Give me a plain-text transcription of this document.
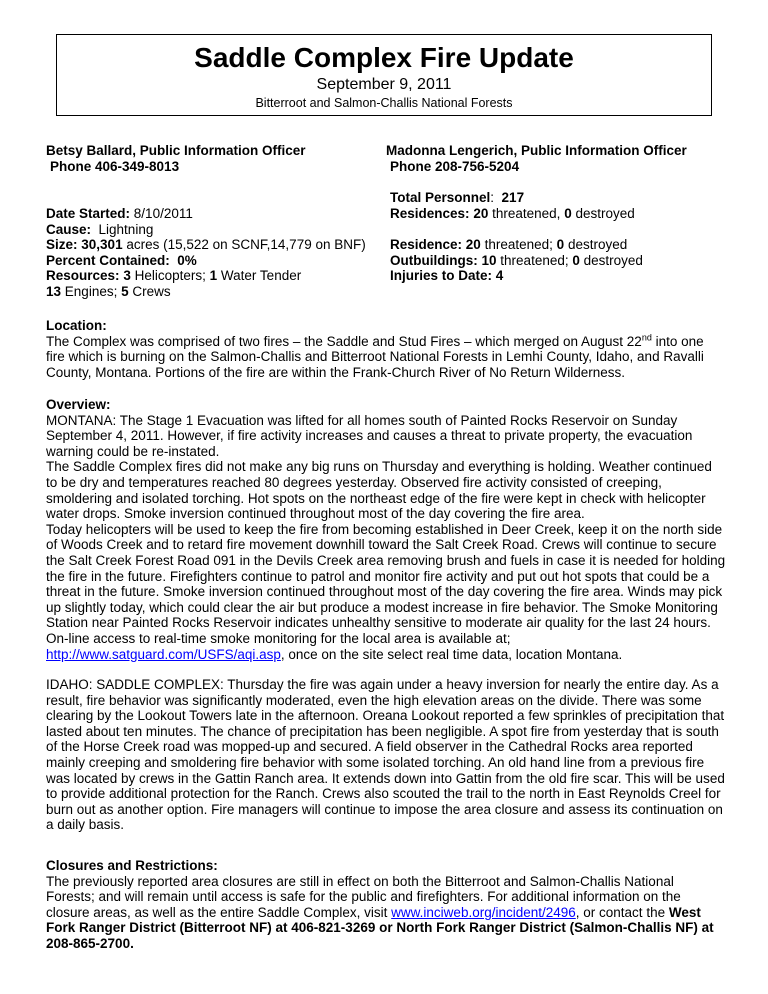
Saddle Complex Fire Update
September 9, 2011
Bitterroot and Salmon-Challis National Forests
Betsy Ballard, Public Information Officer
Phone 406-349-8013
Madonna Lengerich, Public Information Officer
Phone 208-756-5204
Date Started: 8/10/2011
Cause: Lightning
Size: 30,301 acres (15,522 on SCNF,14,779 on BNF)
Percent Contained: 0%
Resources: 3 Helicopters; 1 Water Tender
13 Engines; 5 Crews
Total Personnel:  217
Residences: 20 threatened, 0 destroyed
Residence: 20 threatened; 0 destroyed
Outbuildings: 10 threatened; 0 destroyed
Injuries to Date: 4

Location:

The Complex was comprised of two fires – the Saddle and Stud Fires – which merged on August 22nd into one fire which is burning on the Salmon-Challis and Bitterroot National Forests in Lemhi County, Idaho, and Ravalli County, Montana. Portions of the fire are within the Frank-Church River of No Return Wilderness.

Overview:

MONTANA: The Stage 1 Evacuation was lifted for all homes south of Painted Rocks Reservoir on Sunday September 4, 2011. However, if fire activity increases and causes a threat to private property, the evacuation warning could be re-instated.

The Saddle Complex fires did not make any big runs on Thursday and everything is holding. Weather continued to be dry and temperatures reached 80 degrees yesterday. Observed fire activity consisted of creeping, smoldering and isolated torching. Hot spots on the northeast edge of the fire were kept in check with helicopter water drops. Smoke inversion continued throughout most of the day covering the fire area.

Today helicopters will be used to keep the fire from becoming established in Deer Creek, keep it on the north side of Woods Creek and to retard fire movement downhill toward the Salt Creek Road. Crews will continue to secure the Salt Creek Forest Road 091 in the Devils Creek area removing brush and fuels in case it is needed for holding the fire in the future. Firefighters continue to patrol and monitor fire activity and put out hot spots that could be a threat in the future. Smoke inversion continued throughout most of the day covering the fire area. Winds may pick up slightly today, which could clear the air but produce a modest increase in fire behavior. The Smoke Monitoring Station near Painted Rocks Reservoir indicates unhealthy sensitive to moderate air quality for the last 24 hours. On-line access to real-time smoke monitoring for the local area is available at; http://www.satguard.com/USFS/aqi.asp, once on the site select real time data, location Montana.

IDAHO: SADDLE COMPLEX: Thursday the fire was again under a heavy inversion for nearly the entire day. As a result, fire behavior was significantly moderated, even the high elevation areas on the divide. There was some clearing by the Lookout Towers late in the afternoon. Oreana Lookout reported a few sprinkles of precipitation that lasted about ten minutes. The chance of precipitation has been negligible. A spot fire from yesterday that is south of the Horse Creek road was mopped-up and secured. A field observer in the Cathedral Rocks area reported mainly creeping and smoldering fire behavior with some isolated torching. An old hand line from a previous fire was located by crews in the Gattin Ranch area. It extends down into Gattin from the old fire scar. This will be used to provide additional protection for the Ranch. Crews also scouted the trail to the north in East Reynolds Creel for burn out as another option. Fire managers will continue to impose the area closure and assess its continuation on a daily basis.

Closures and Restrictions:

The previously reported area closures are still in effect on both the Bitterroot and Salmon-Challis National Forests; and will remain until access is safe for the public and firefighters. For additional information on the closure areas, as well as the entire Saddle Complex, visit www.inciweb.org/incident/2496, or contact the West Fork Ranger District (Bitterroot NF) at 406-821-3269 or North Fork Ranger District (Salmon-Challis NF) at 208-865-2700.
